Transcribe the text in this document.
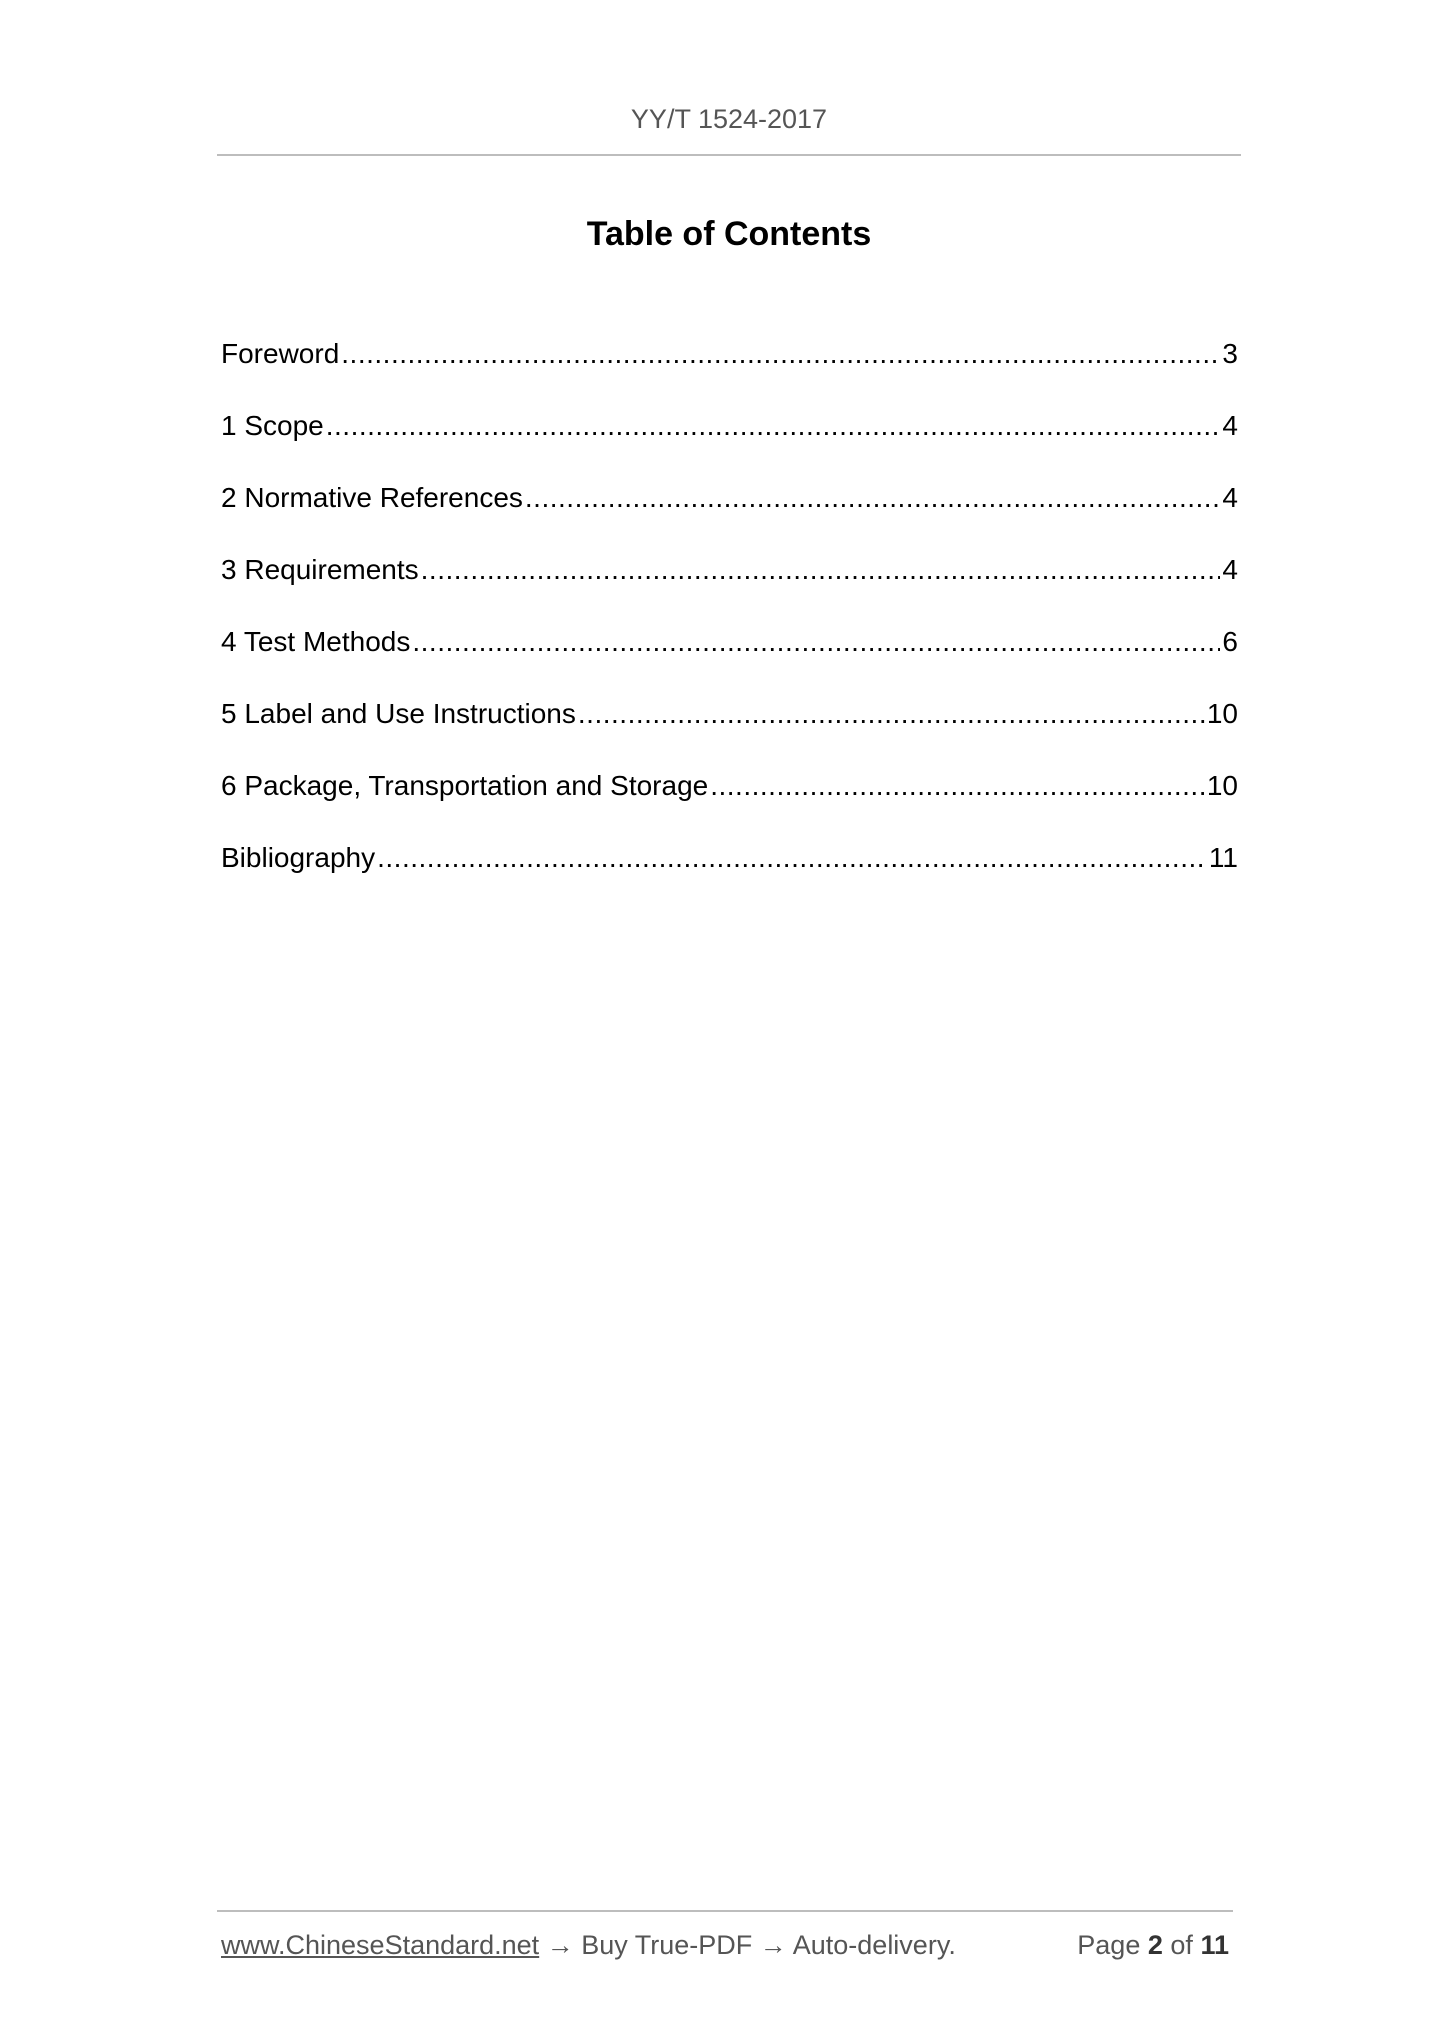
YY/T 1524-2017
Table of Contents
Foreword .....	3
1 Scope .....	4
2 Normative References .....	4
3 Requirements .....	4
4 Test Methods .....	6
5 Label and Use Instructions .....	10
6 Package, Transportation and Storage .....	10
Bibliography .....	11
www.ChineseStandard.net → Buy True-PDF → Auto-delivery.	Page 2 of 11
